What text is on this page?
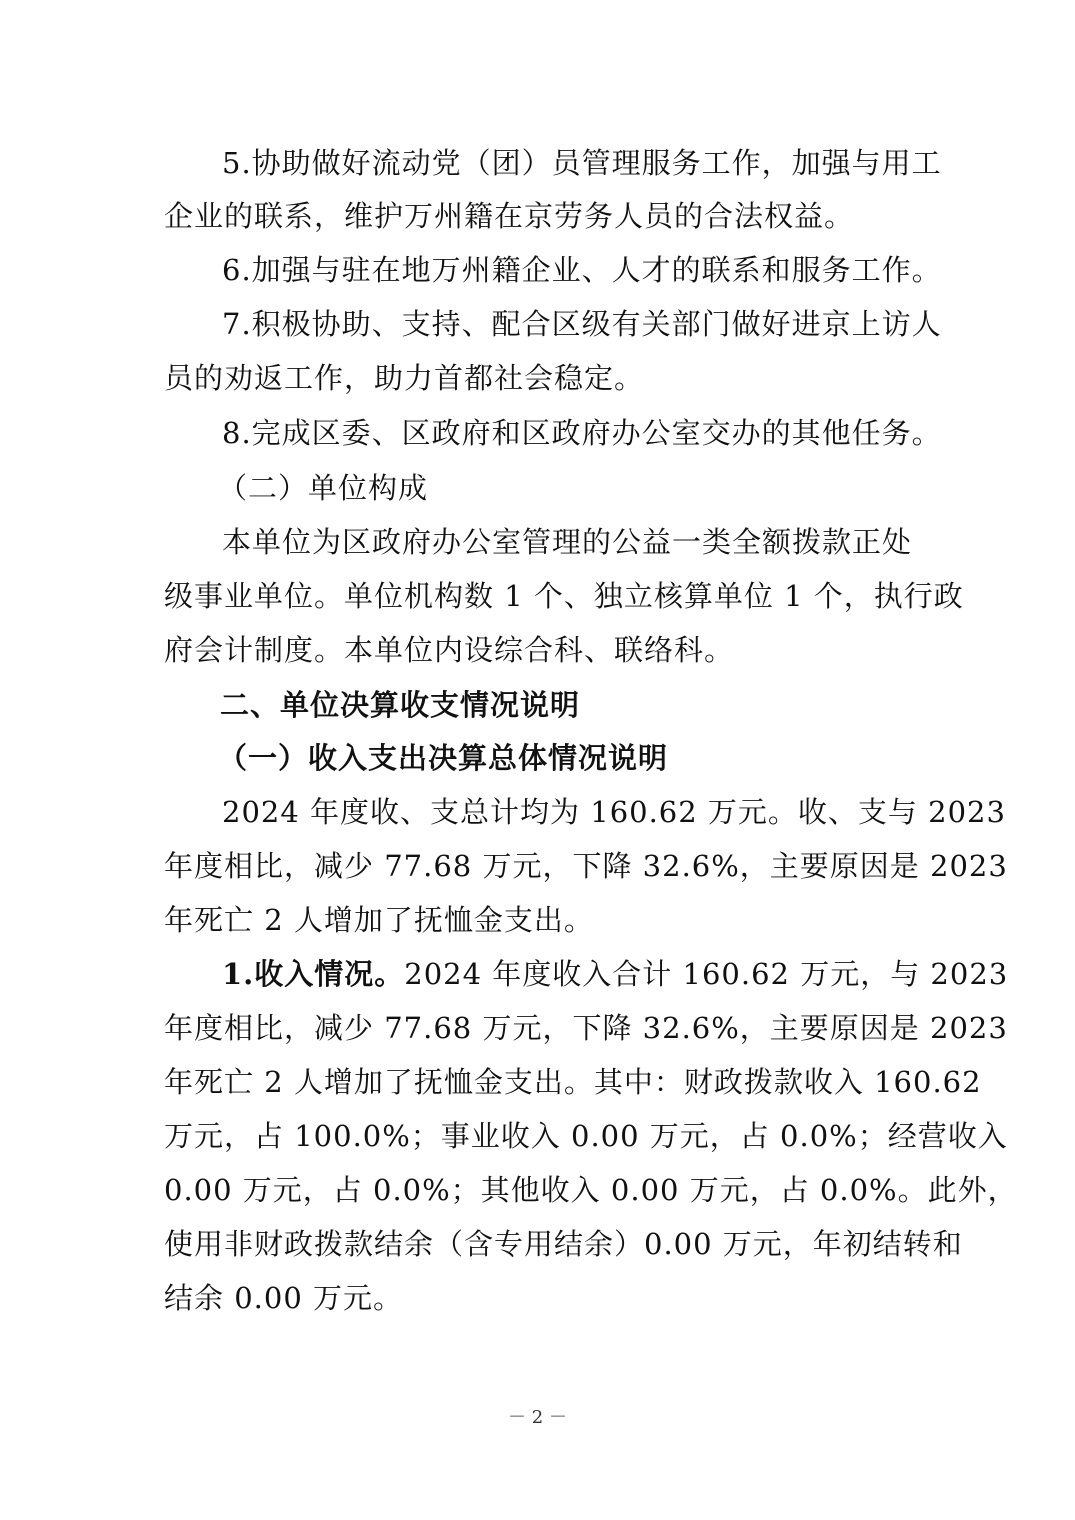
5.协助做好流动党（团）员管理服务工作，加强与用工
企业的联系，维护万州籍在京劳务人员的合法权益。
6.加强与驻在地万州籍企业、人才的联系和服务工作。
7.积极协助、支持、配合区级有关部门做好进京上访人
员的劝返工作，助力首都社会稳定。
8.完成区委、区政府和区政府办公室交办的其他任务。
（二）单位构成
本单位为区政府办公室管理的公益一类全额拨款正处
级事业单位。单位机构数 1 个、独立核算单位 1 个，执行政
府会计制度。本单位内设综合科、联络科。
二、单位决算收支情况说明
（一）收入支出决算总体情况说明
2024 年度收、支总计均为 160.62 万元。收、支与 2023
年度相比，减少 77.68 万元，下降 32.6%，主要原因是 2023
年死亡 2 人增加了抚恤金支出。
1.收入情况。2024 年度收入合计 160.62 万元，与 2023
年度相比，减少 77.68 万元，下降 32.6%，主要原因是 2023
年死亡 2 人增加了抚恤金支出。其中：财政拨款收入 160.62
万元，占 100.0%；事业收入 0.00 万元，占 0.0%；经营收入
0.00 万元，占 0.0%；其他收入 0.00 万元，占 0.0%。此外，
使用非财政拨款结余（含专用结余）0.00 万元，年初结转和
结余 0.00 万元。
－ 2 －
